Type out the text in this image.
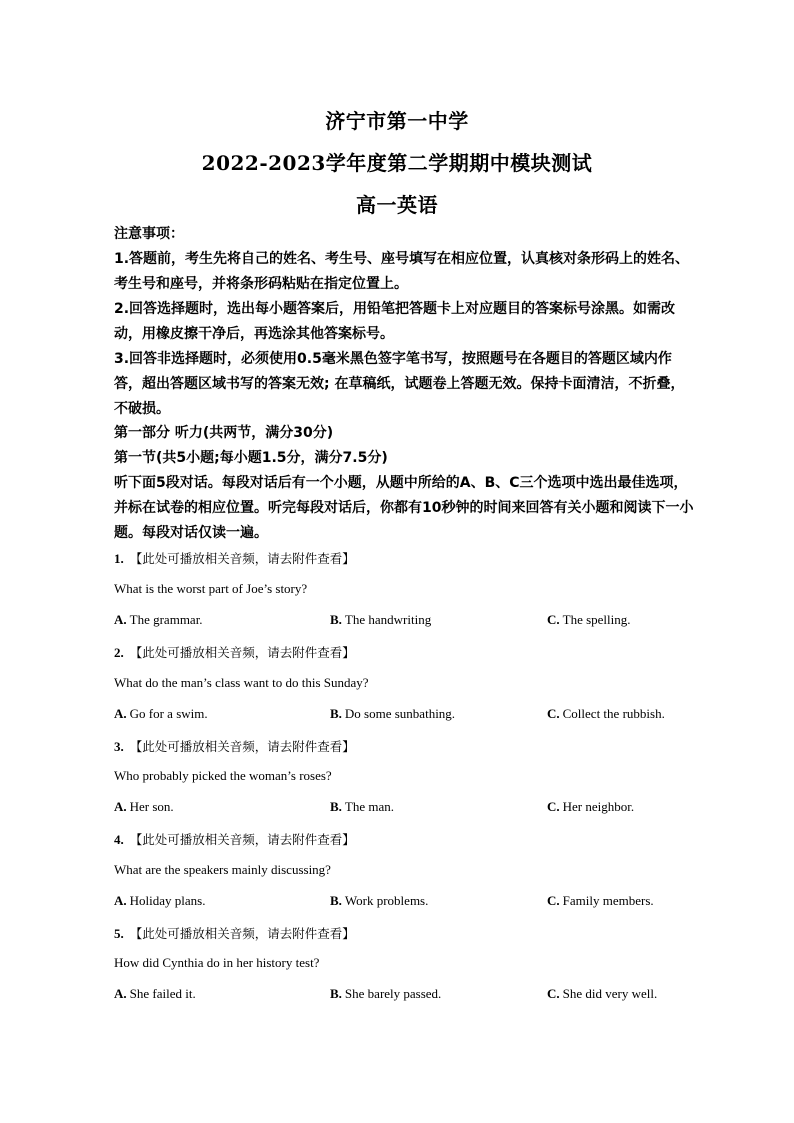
济宁市第一中学
2022-2023学年度第二学期期中模块测试
高一英语
注意事项：
1.答题前，考生先将自己的姓名、考生号、座号填写在相应位置，认真核对条形码上的姓名、考生号和座号，并将条形码粘贴在指定位置上。
2.回答选择题时，选出每小题答案后，用铅笔把答题卡上对应题目的答案标号涂黑。如需改动，用橡皮擦干净后，再选涂其他答案标号。
3.回答非选择题时，必须使用0.5毫米黑色签字笔书写，按照题号在各题目的答题区域内作答，超出答题区域书写的答案无效; 在草稿纸，试题卷上答题无效。保持卡面清洁，不折叠，不破损。
第一部分 听力(共两节，满分30分)
第一节(共5小题;每小题1.5分，满分7.5分)
听下面5段对话。每段对话后有一个小题，从题中所给的A、B、C三个选项中选出最佳选项，并标在试卷的相应位置。听完每段对话后，你都有10秒钟的时间来回答有关小题和阅读下一小题。每段对话仅读一遍。
1. 【此处可播放相关音频，请去附件查看】
What is the worst part of Joe’s story?
A. The grammar.	B. The handwriting	C. The spelling.
2. 【此处可播放相关音频，请去附件查看】
What do the man’s class want to do this Sunday?
A. Go for a swim.	B. Do some sunbathing.	C. Collect the rubbish.
3. 【此处可播放相关音频，请去附件查看】
Who probably picked the woman’s roses?
A. Her son.	B. The man.	C. Her neighbor.
4. 【此处可播放相关音频，请去附件查看】
What are the speakers mainly discussing?
A. Holiday plans.	B. Work problems.	C. Family members.
5. 【此处可播放相关音频，请去附件查看】
How did Cynthia do in her history test?
A. She failed it.	B. She barely passed.	C. She did very well.
